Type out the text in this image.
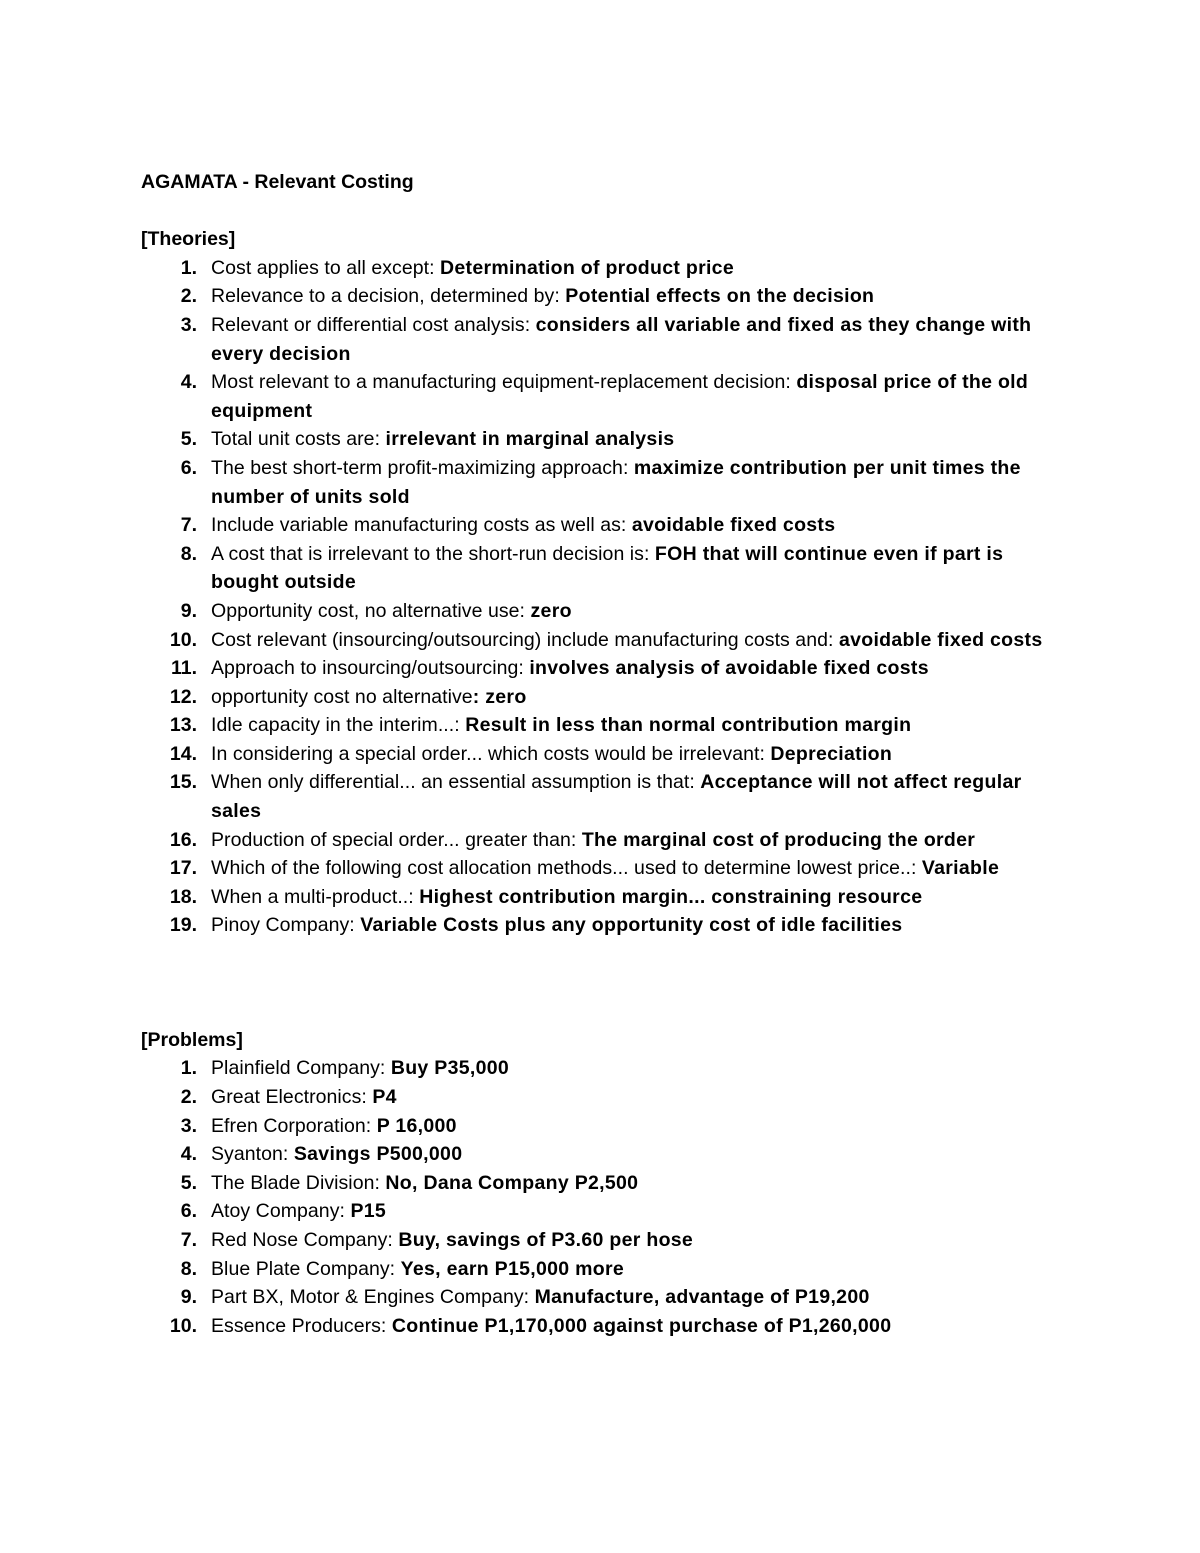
AGAMATA - Relevant Costing

[Theories]

1. Cost applies to all except: Determination of product price
2. Relevance to a decision, determined by: Potential effects on the decision
3. Relevant or differential cost analysis: considers all variable and fixed as they change with every decision
4. Most relevant to a manufacturing equipment-replacement decision: disposal price of the old equipment
5. Total unit costs are: irrelevant in marginal analysis
6. The best short-term profit-maximizing approach: maximize contribution per unit times the number of units sold
7. Include variable manufacturing costs as well as: avoidable fixed costs
8. A cost that is irrelevant to the short-run decision is: FOH that will continue even if part is bought outside
9. Opportunity cost, no alternative use: zero
10. Cost relevant (insourcing/outsourcing) include manufacturing costs and: avoidable fixed costs
11. Approach to insourcing/outsourcing: involves analysis of avoidable fixed costs
12. opportunity cost no alternative: zero
13. Idle capacity in the interim...: Result in less than normal contribution margin
14. In considering a special order... which costs would be irrelevant: Depreciation
15. When only differential... an essential assumption is that: Acceptance will not affect regular sales
16. Production of special order... greater than: The marginal cost of producing the order
17. Which of the following cost allocation methods... used to determine lowest price..: Variable
18. When a multi-product..: Highest contribution margin... constraining resource
19. Pinoy Company: Variable Costs plus any opportunity cost of idle facilities

[Problems]

1. Plainfield Company: Buy P35,000
2. Great Electronics: P4
3. Efren Corporation: P 16,000
4. Syanton: Savings P500,000
5. The Blade Division: No, Dana Company P2,500
6. Atoy Company: P15
7. Red Nose Company: Buy, savings of P3.60 per hose
8. Blue Plate Company: Yes, earn P15,000 more
9. Part BX, Motor & Engines Company: Manufacture, advantage of P19,200
10. Essence Producers: Continue P1,170,000 against purchase of P1,260,000
